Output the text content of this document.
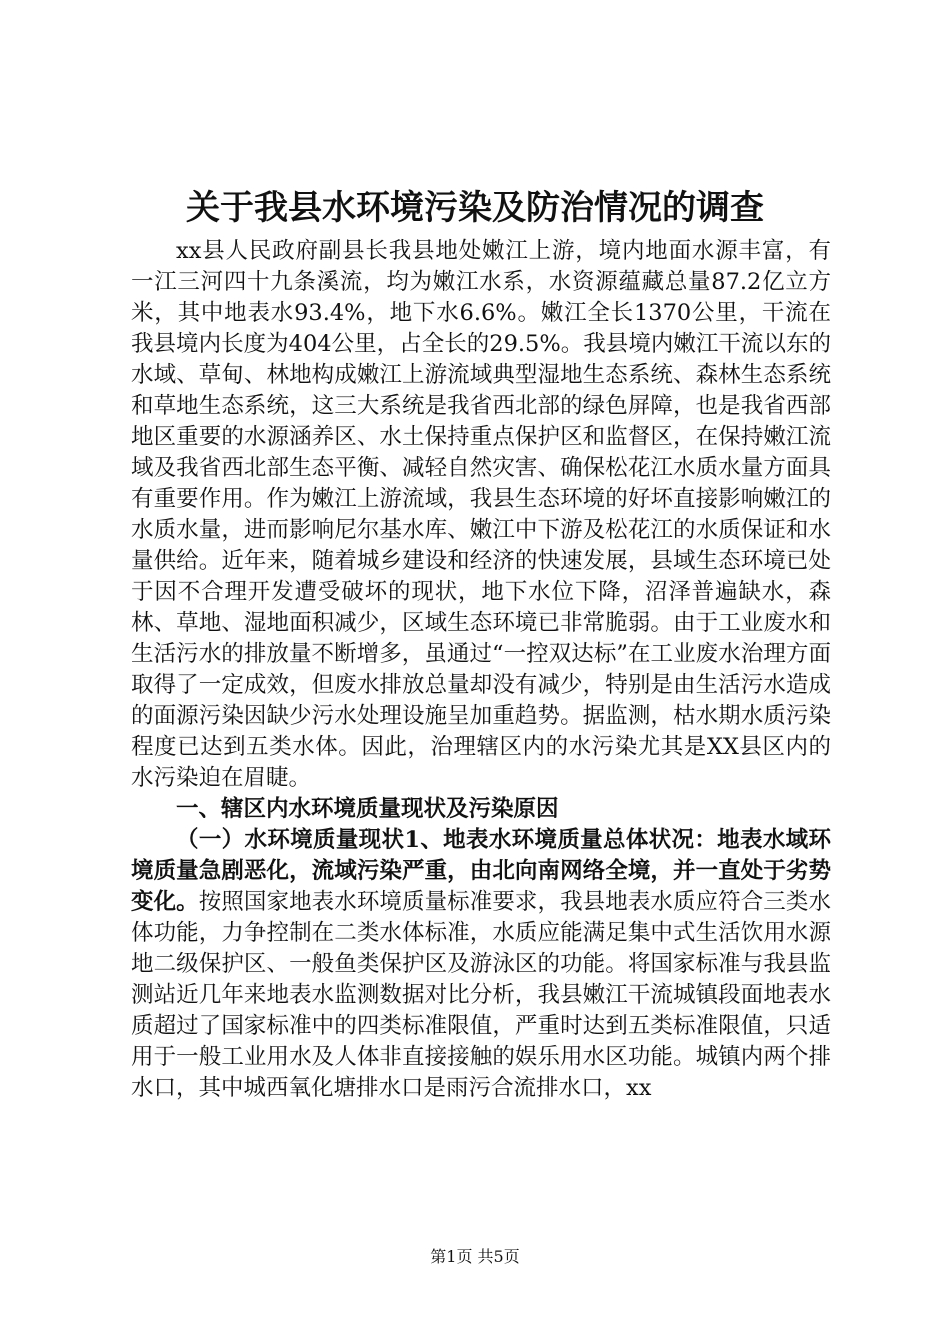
关于我县水环境污染及防治情况的调查

xx县人民政府副县长我县地处嫩江上游，境内地面水源丰富，有一江三河四十九条溪流，均为嫩江水系，水资源蕴藏总量87.2亿立方米，其中地表水93.4%，地下水6.6%。嫩江全长1370公里，干流在我县境内长度为404公里，占全长的29.5%。我县境内嫩江干流以东的水域、草甸、林地构成嫩江上游流域典型湿地生态系统、森林生态系统和草地生态系统，这三大系统是我省西北部的绿色屏障，也是我省西部地区重要的水源涵养区、水土保持重点保护区和监督区，在保持嫩江流域及我省西北部生态平衡、减轻自然灾害、确保松花江水质水量方面具有重要作用。作为嫩江上游流域，我县生态环境的好坏直接影响嫩江的水质水量，进而影响尼尔基水库、嫩江中下游及松花江的水质保证和水量供给。近年来，随着城乡建设和经济的快速发展，县域生态环境已处于因不合理开发遭受破坏的现状，地下水位下降，沼泽普遍缺水，森林、草地、湿地面积减少，区域生态环境已非常脆弱。由于工业废水和生活污水的排放量不断增多，虽通过“一控双达标”在工业废水治理方面取得了一定成效，但废水排放总量却没有减少，特别是由生活污水造成的面源污染因缺少污水处理设施呈加重趋势。据监测，枯水期水质污染程度已达到五类水体。因此，治理辖区内的水污染尤其是XX县区内的水污染迫在眉睫。

一、辖区内水环境质量现状及污染原因

（一）水环境质量现状1、地表水环境质量总体状况：地表水域环境质量急剧恶化，流域污染严重，由北向南网络全境，并一直处于劣势变化。按照国家地表水环境质量标准要求，我县地表水质应符合三类水体功能，力争控制在二类水体标准，水质应能满足集中式生活饮用水源地二级保护区、一般鱼类保护区及游泳区的功能。将国家标准与我县监测站近几年来地表水监测数据对比分析，我县嫩江干流城镇段面地表水质超过了国家标准中的四类标准限值，严重时达到五类标准限值，只适用于一般工业用水及人体非直接接触的娱乐用水区功能。城镇内两个排水口，其中城西氧化塘排水口是雨污合流排水口，xx

第1页 共5页
